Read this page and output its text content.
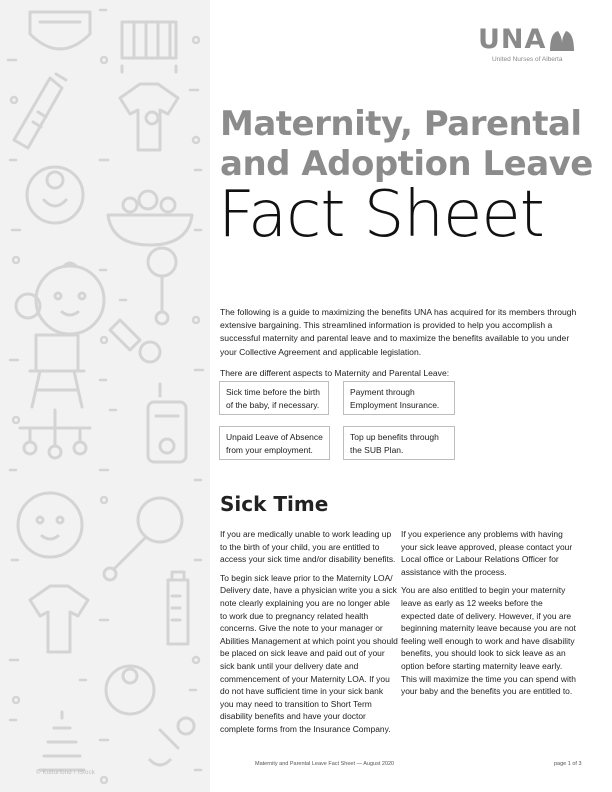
© Kulturfond / iStock
UNA
United Nurses of Alberta
Maternity, Parental
and Adoption Leave
Fact Sheet

The following is a guide to maximizing the benefits UNA has acquired for its members through extensive bargaining. This streamlined information is provided to help you accomplish a successful maternity and parental leave and to maximize the benefits available to you under your Collective Agreement and applicable legislation.

There are different aspects to Maternity and Parental Leave:

Sick time before the birth of the baby, if necessary.
Payment through Employment Insurance.
Unpaid Leave of Absence from your employment.
Top up benefits through the SUB Plan.
Sick Time

If you are medically unable to work leading up to the birth of your child, you are entitled to access your sick time and/or disability benefits.

To begin sick leave prior to the Maternity LOA/ Delivery date, have a physician write you a sick note clearly explaining you are no longer able to work due to pregnancy related health concerns. Give the note to your manager or Abilities Management at which point you should be placed on sick leave and paid out of your sick bank until your delivery date and commencement of your Maternity LOA. If you do not have sufficient time in your sick bank you may need to transition to Short Term disability benefits and have your doctor complete forms from the Insurance Company.

If you experience any problems with having your sick leave approved, please contact your Local office or Labour Relations Officer for assistance with the process.

You are also entitled to begin your maternity leave as early as 12 weeks before the expected date of delivery. However, if you are beginning maternity leave because you are not feeling well enough to work and have disability benefits, you should look to sick leave as an option before starting maternity leave early. This will maximize the time you can spend with your baby and the benefits you are entitled to.

Maternity and Parental Leave Fact Sheet — August 2020	page 1 of 3
